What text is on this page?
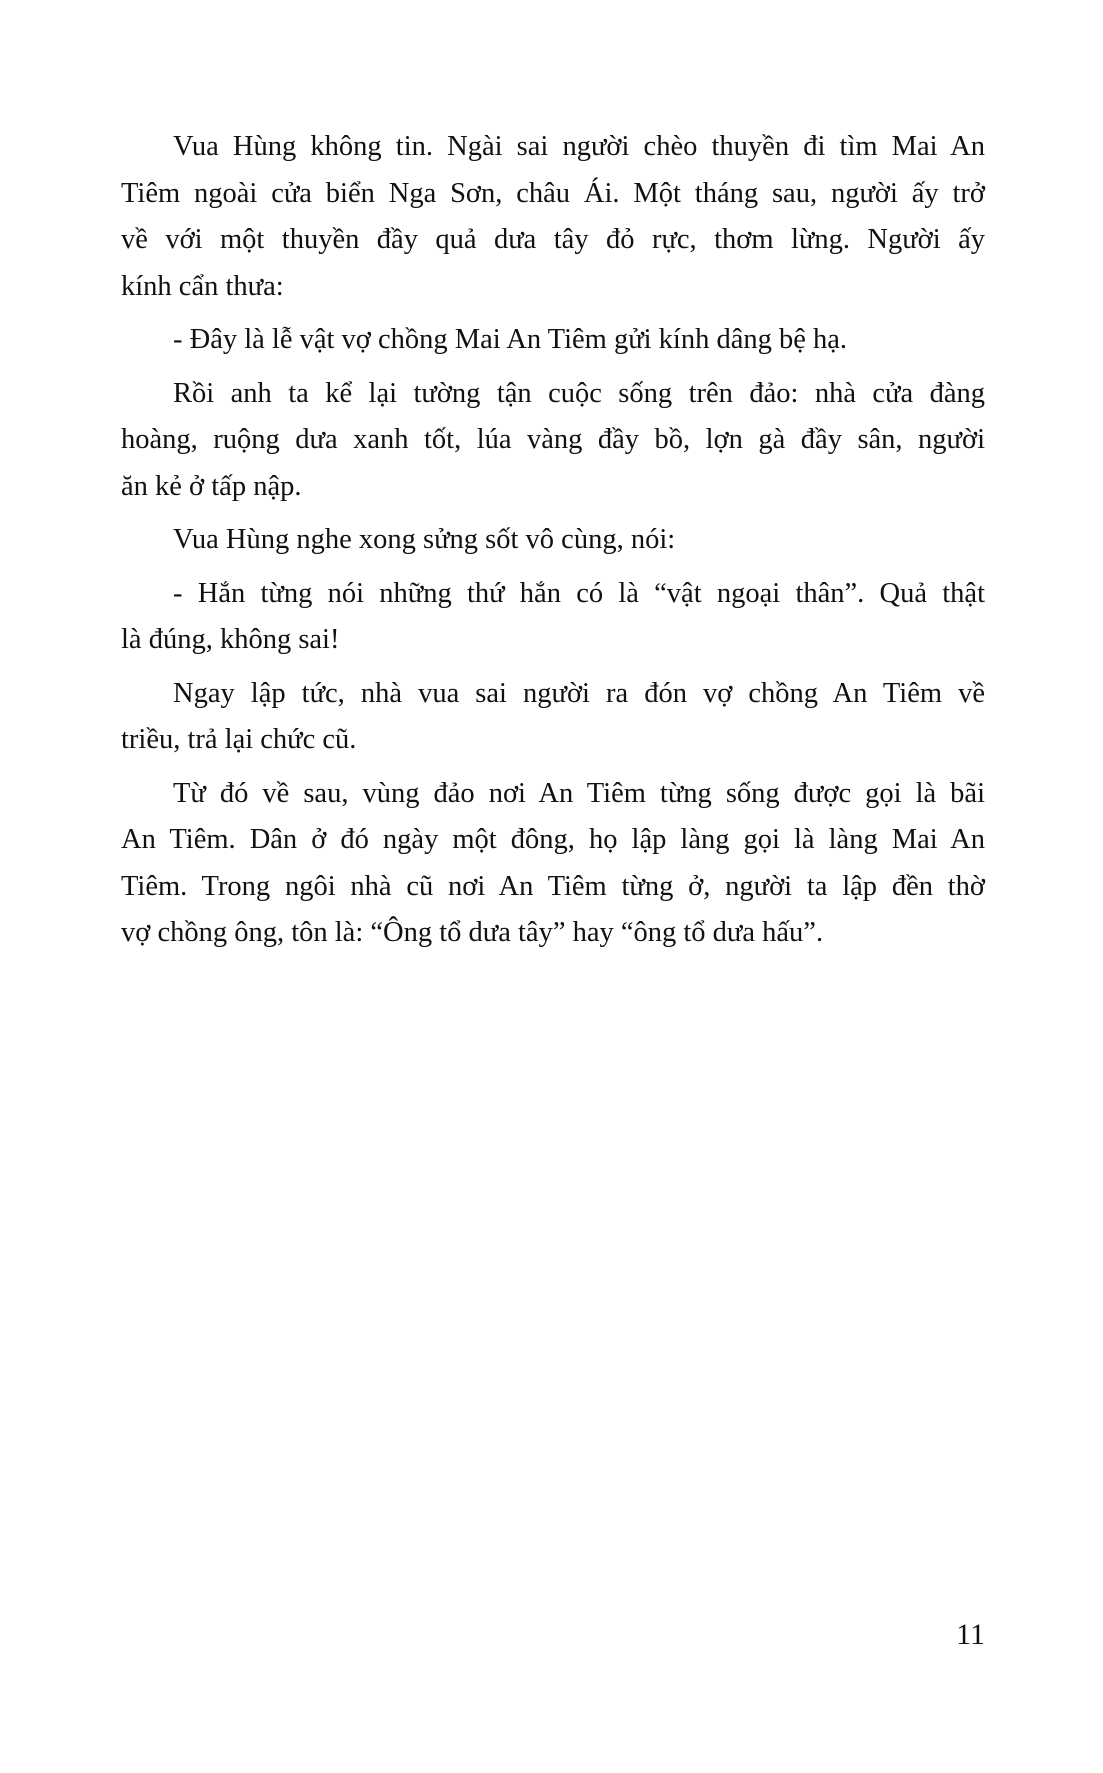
Vua Hùng không tin. Ngài sai người chèo thuyền đi tìm Mai An
Tiêm ngoài cửa biển Nga Sơn, châu Ái. Một tháng sau, người ấy trở
về với một thuyền đầy quả dưa tây đỏ rực, thơm lừng. Người ấy
kính cẩn thưa:

- Đây là lễ vật vợ chồng Mai An Tiêm gửi kính dâng bệ hạ.

Rồi anh ta kể lại tường tận cuộc sống trên đảo: nhà cửa đàng
hoàng, ruộng dưa xanh tốt, lúa vàng đầy bồ, lợn gà đầy sân, người
ăn kẻ ở tấp nập.

Vua Hùng nghe xong sửng sốt vô cùng, nói:

- Hắn từng nói những thứ hắn có là “vật ngoại thân”. Quả thật
là đúng, không sai!

Ngay lập tức, nhà vua sai người ra đón vợ chồng An Tiêm về
triều, trả lại chức cũ.

Từ đó về sau, vùng đảo nơi An Tiêm từng sống được gọi là bãi
An Tiêm. Dân ở đó ngày một đông, họ lập làng gọi là làng Mai An
Tiêm. Trong ngôi nhà cũ nơi An Tiêm từng ở, người ta lập đền thờ
vợ chồng ông, tôn là: “Ông tổ dưa tây” hay “ông tổ dưa hấu”.

11
